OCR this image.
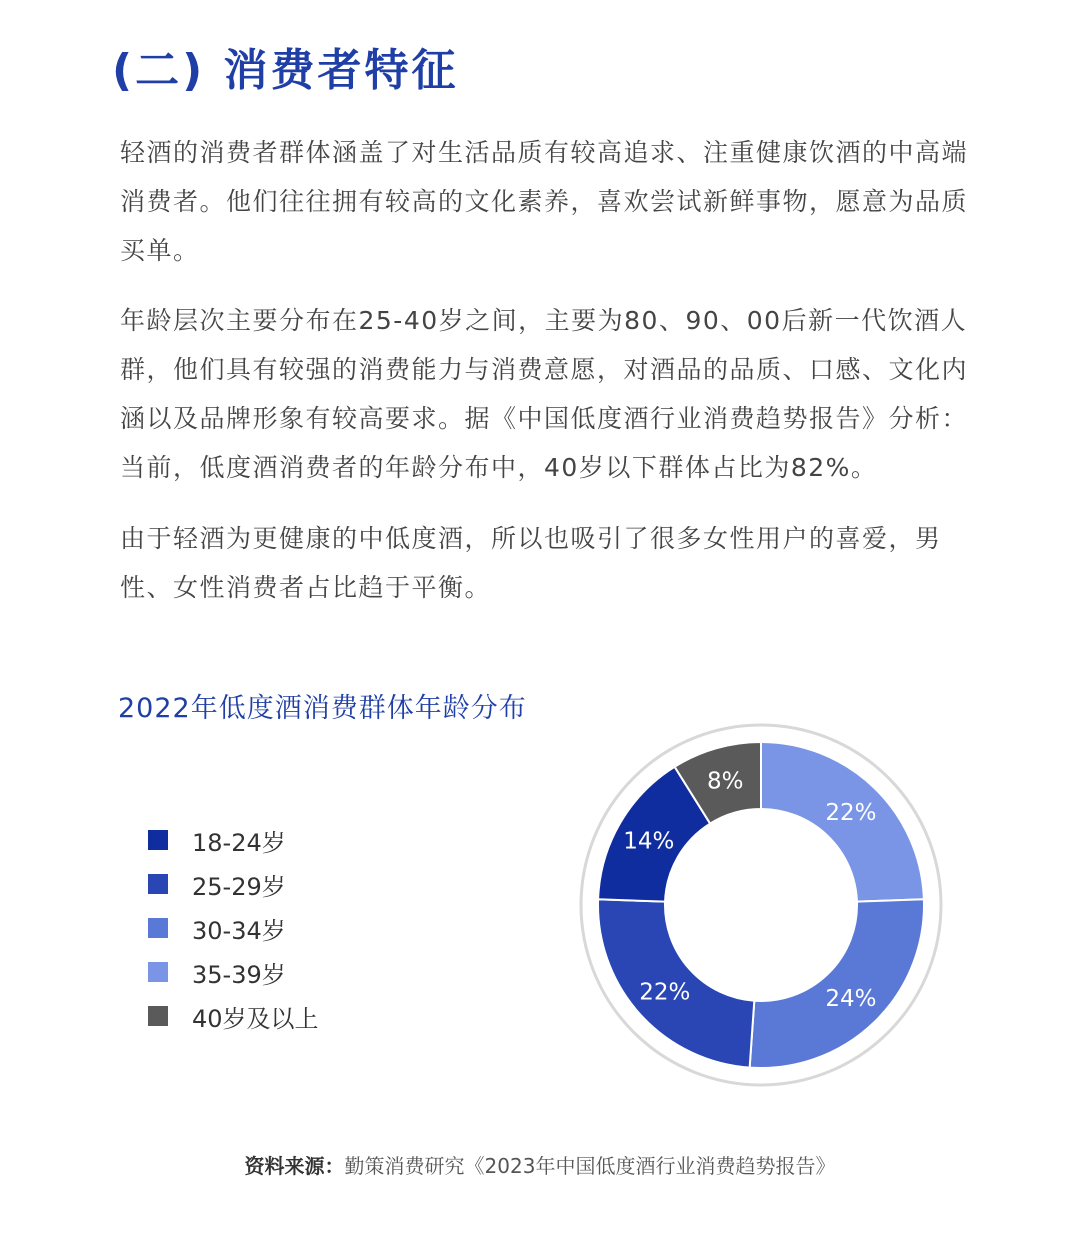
(二) 消费者特征

轻酒的消费者群体涵盖了对生活品质有较高追求、注重健康饮酒的中高端消费者。他们往往拥有较高的文化素养，喜欢尝试新鲜事物，愿意为品质买单。

年龄层次主要分布在25-40岁之间，主要为80、90、00后新一代饮酒人群，他们具有较强的消费能力与消费意愿，对酒品的品质、口感、文化内涵以及品牌形象有较高要求。据《中国低度酒行业消费趋势报告》分析：当前，低度酒消费者的年龄分布中，40岁以下群体占比为82%。

由于轻酒为更健康的中低度酒，所以也吸引了很多女性用户的喜爱，男性、女性消费者占比趋于平衡。

2022年低度酒消费群体年龄分布
18-24岁
25-29岁
30-34岁
35-39岁
40岁及以上
22%
24%
22%
14%
8%
资料来源：勤策消费研究《2023年中国低度酒行业消费趋势报告》
